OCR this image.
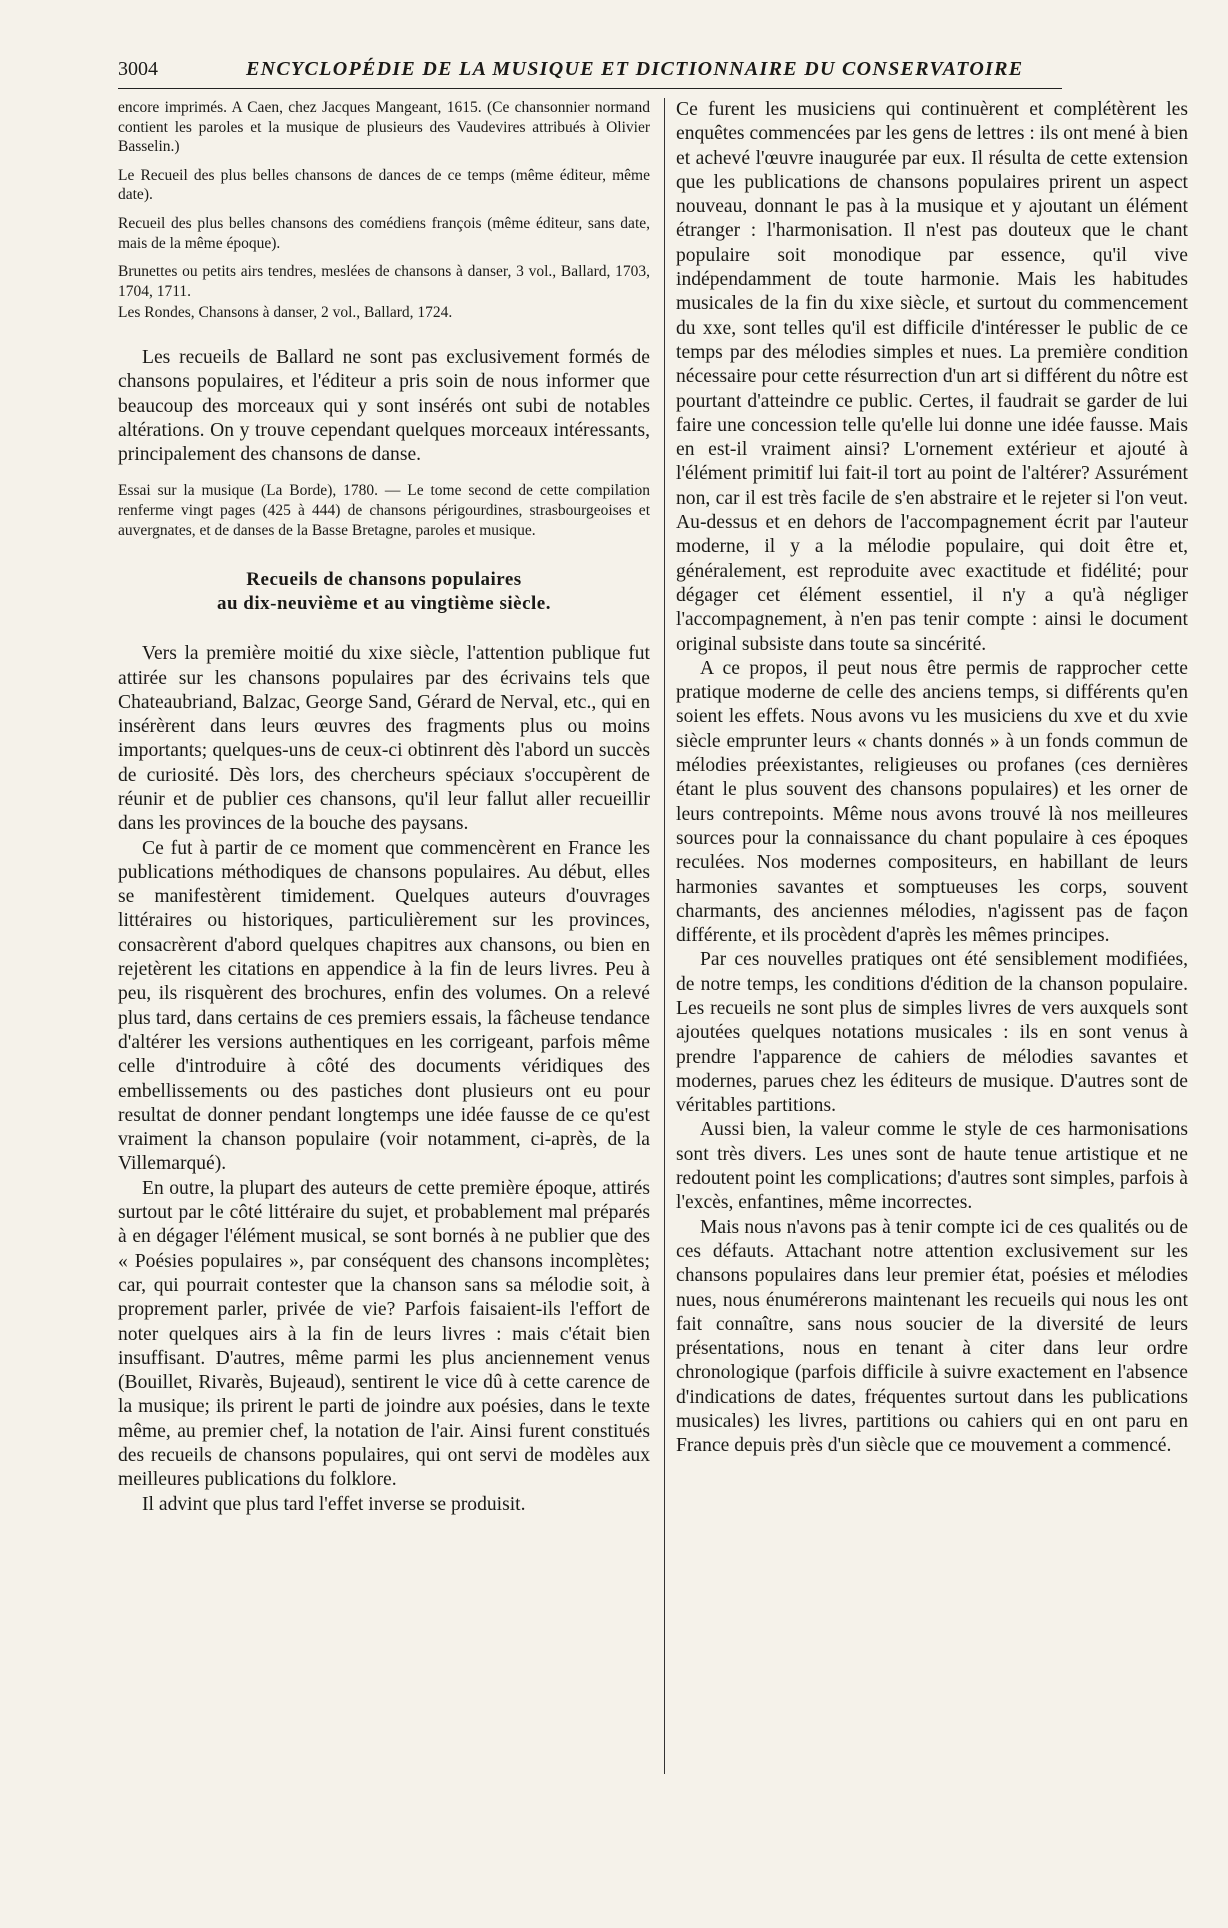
3004	ENCYCLOPÉDIE DE LA MUSIQUE ET DICTIONNAIRE DU CONSERVATOIRE

encore imprimés. A Caen, chez Jacques Mangeant, 1615. (Ce chansonnier normand contient les paroles et la musique de plusieurs des Vaudevires attribués à Olivier Basselin.)

Le Recueil des plus belles chansons de dances de ce temps (même éditeur, même date).

Recueil des plus belles chansons des comédiens françois (même éditeur, sans date, mais de la même époque).

Brunettes ou petits airs tendres, meslées de chansons à danser, 3 vol., Ballard, 1703, 1704, 1711.

Les Rondes, Chansons à danser, 2 vol., Ballard, 1724.

Les recueils de Ballard ne sont pas exclusivement formés de chansons populaires, et l'éditeur a pris soin de nous informer que beaucoup des morceaux qui y sont insérés ont subi de notables altérations. On y trouve cependant quelques morceaux intéressants, principalement des chansons de danse.

Essai sur la musique (La Borde), 1780. — Le tome second de cette compilation renferme vingt pages (425 à 444) de chansons périgourdines, strasbourgeoises et auvergnates, et de danses de la Basse Bretagne, paroles et musique.

Recueils de chansons populaires
au dix-neuvième et au vingtième siècle.

Vers la première moitié du xixe siècle, l'attention publique fut attirée sur les chansons populaires par des écrivains tels que Chateaubriand, Balzac, George Sand, Gérard de Nerval, etc., qui en insérèrent dans leurs œuvres des fragments plus ou moins importants; quelques-uns de ceux-ci obtinrent dès l'abord un succès de curiosité. Dès lors, des chercheurs spéciaux s'occupèrent de réunir et de publier ces chansons, qu'il leur fallut aller recueillir dans les provinces de la bouche des paysans.

Ce fut à partir de ce moment que commencèrent en France les publications méthodiques de chansons populaires. Au début, elles se manifestèrent timidement. Quelques auteurs d'ouvrages littéraires ou historiques, particulièrement sur les provinces, consacrèrent d'abord quelques chapitres aux chansons, ou bien en rejetèrent les citations en appendice à la fin de leurs livres. Peu à peu, ils risquèrent des brochures, enfin des volumes. On a relevé plus tard, dans certains de ces premiers essais, la fâcheuse tendance d'altérer les versions authentiques en les corrigeant, parfois même celle d'introduire à côté des documents véridiques des embellissements ou des pastiches dont plusieurs ont eu pour resultat de donner pendant longtemps une idée fausse de ce qu'est vraiment la chanson populaire (voir notamment, ci-après, de la Villemarqué).

En outre, la plupart des auteurs de cette première époque, attirés surtout par le côté littéraire du sujet, et probablement mal préparés à en dégager l'élément musical, se sont bornés à ne publier que des « Poésies populaires », par conséquent des chansons incomplètes; car, qui pourrait contester que la chanson sans sa mélodie soit, à proprement parler, privée de vie? Parfois faisaient-ils l'effort de noter quelques airs à la fin de leurs livres : mais c'était bien insuffisant. D'autres, même parmi les plus anciennement venus (Bouillet, Rivarès, Bujeaud), sentirent le vice dû à cette carence de la musique; ils prirent le parti de joindre aux poésies, dans le texte même, au premier chef, la notation de l'air. Ainsi furent constitués des recueils de chansons populaires, qui ont servi de modèles aux meilleures publications du folklore.

Il advint que plus tard l'effet inverse se produisit.

Ce furent les musiciens qui continuèrent et complétèrent les enquêtes commencées par les gens de lettres : ils ont mené à bien et achevé l'œuvre inaugurée par eux. Il résulta de cette extension que les publications de chansons populaires prirent un aspect nouveau, donnant le pas à la musique et y ajoutant un élément étranger : l'harmonisation. Il n'est pas douteux que le chant populaire soit monodique par essence, qu'il vive indépendamment de toute harmonie. Mais les habitudes musicales de la fin du xixe siècle, et surtout du commencement du xxe, sont telles qu'il est difficile d'intéresser le public de ce temps par des mélodies simples et nues. La première condition nécessaire pour cette résurrection d'un art si différent du nôtre est pourtant d'atteindre ce public. Certes, il faudrait se garder de lui faire une concession telle qu'elle lui donne une idée fausse. Mais en est-il vraiment ainsi? L'ornement extérieur et ajouté à l'élément primitif lui fait-il tort au point de l'altérer? Assurément non, car il est très facile de s'en abstraire et le rejeter si l'on veut. Au-dessus et en dehors de l'accompagnement écrit par l'auteur moderne, il y a la mélodie populaire, qui doit être et, généralement, est reproduite avec exactitude et fidélité; pour dégager cet élément essentiel, il n'y a qu'à négliger l'accompagnement, à n'en pas tenir compte : ainsi le document original subsiste dans toute sa sincérité.

A ce propos, il peut nous être permis de rapprocher cette pratique moderne de celle des anciens temps, si différents qu'en soient les effets. Nous avons vu les musiciens du xve et du xvie siècle emprunter leurs « chants donnés » à un fonds commun de mélodies préexistantes, religieuses ou profanes (ces dernières étant le plus souvent des chansons populaires) et les orner de leurs contrepoints. Même nous avons trouvé là nos meilleures sources pour la connaissance du chant populaire à ces époques reculées. Nos modernes compositeurs, en habillant de leurs harmonies savantes et somptueuses les corps, souvent charmants, des anciennes mélodies, n'agissent pas de façon différente, et ils procèdent d'après les mêmes principes.

Par ces nouvelles pratiques ont été sensiblement modifiées, de notre temps, les conditions d'édition de la chanson populaire. Les recueils ne sont plus de simples livres de vers auxquels sont ajoutées quelques notations musicales : ils en sont venus à prendre l'apparence de cahiers de mélodies savantes et modernes, parues chez les éditeurs de musique. D'autres sont de véritables partitions.

Aussi bien, la valeur comme le style de ces harmonisations sont très divers. Les unes sont de haute tenue artistique et ne redoutent point les complications; d'autres sont simples, parfois à l'excès, enfantines, même incorrectes.

Mais nous n'avons pas à tenir compte ici de ces qualités ou de ces défauts. Attachant notre attention exclusivement sur les chansons populaires dans leur premier état, poésies et mélodies nues, nous énumérerons maintenant les recueils qui nous les ont fait connaître, sans nous soucier de la diversité de leurs présentations, nous en tenant à citer dans leur ordre chronologique (parfois difficile à suivre exactement en l'absence d'indications de dates, fréquentes surtout dans les publications musicales) les livres, partitions ou cahiers qui en ont paru en France depuis près d'un siècle que ce mouvement a commencé.
